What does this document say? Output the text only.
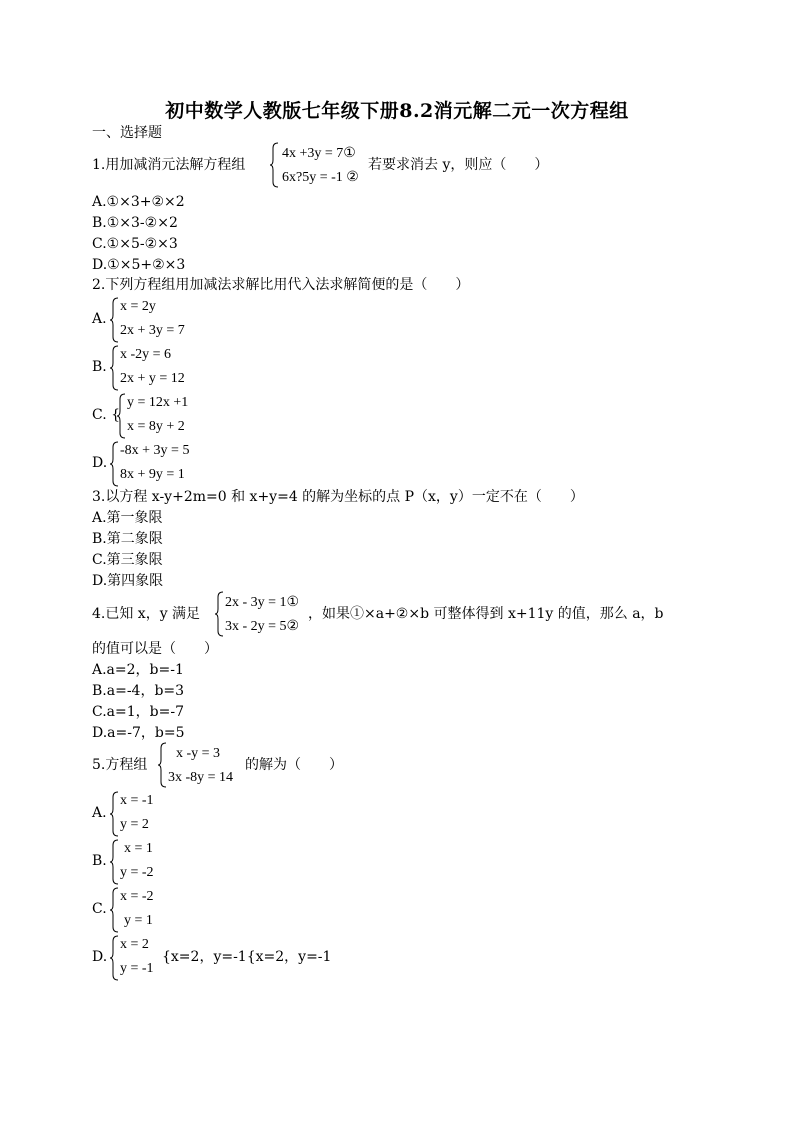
初中数学人教版七年级下册8.2消元解二元一次方程组
一、选择题
1.用加减消元法解方程组
4x +3y = 7①
6x?5y = -1 ②
若要求消去 y，则应（　　）
A.①×3+②×2
B.①×3-②×2
C.①×5-②×3
D.①×5+②×3
2.下列方程组用加减法求解比用代入法求解简便的是（　　）
A.
x = 2y
2x + 3y = 7
B.
x -2y = 6
2x + y = 12
C. {
y = 12x +1
x = 8y + 2
D.
-8x + 3y = 5
8x + 9y = 1
3.以方程 x-y+2m=0 和 x+y=4 的解为坐标的点 P（x，y）一定不在（　　）
A.第一象限
B.第二象限
C.第三象限
D.第四象限
4.已知 x，y 满足
2x - 3y = 1①
3x - 2y = 5②
，如果①×a+②×b 可整体得到 x+11y 的值，那么 a，b
的值可以是（　　）
A.a=2，b=-1
B.a=-4，b=3
C.a=1，b=-7
D.a=-7，b=5
5.方程组
x -y = 3
3x -8y = 14
的解为（　　）
A.
x = -1
y = 2
B.
x = 1
y = -2
C.
x = -2
y = 1
D.
x = 2
y = -1
{x=2，y=-1{x=2，y=-1
